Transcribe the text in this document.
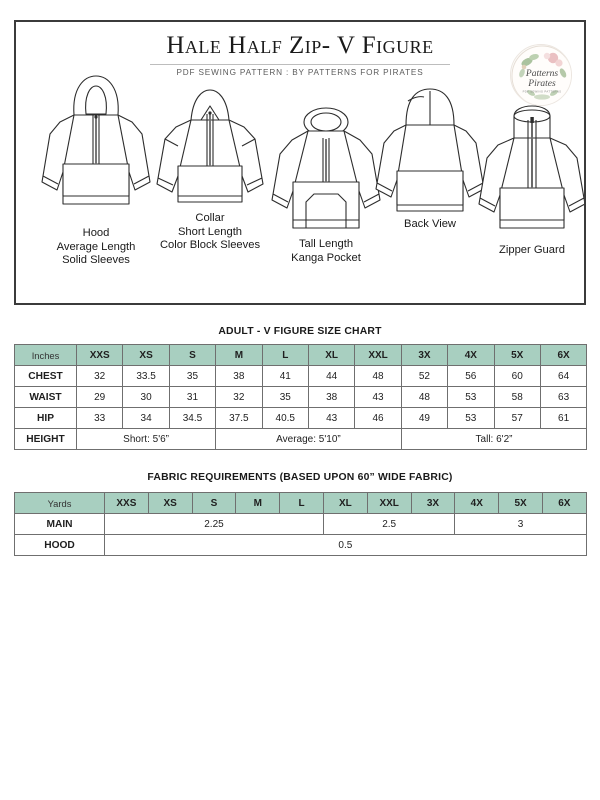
Hale Half Zip- V Figure
PDF SEWING PATTERN : BY PATTERNS FOR PIRATES	Patterns
Pirates
PDF SEWING PATTERNS
Hood
Average Length
Solid Sleeves
Collar
Short Length
Color Block Sleeves	Tall Length
Kanga Pocket
Back View
Zipper Guard
ADULT - V FIGURE SIZE CHART
Inches	XXS	XS	S	M	L	XL	XXL	3X	4X	5X	6X
CHEST	32	33.5	35	38	41	44	48	52	56	60	64
WAIST	29	30	31	32	35	38	43	48	53	58	63
HIP	33	34	34.5	37.5	40.5	43	46	49	53	57	61
HEIGHT	Short: 5'6”			Average: 5'10”				Tall: 6'2”			
FABRIC REQUIREMENTS (BASED UPON 60” WIDE FABRIC)
Yards	XXS	XS	S	M	L	XL	XXL	3X	4X	5X	6X
MAIN	2.25					2.5			3		
HOOD	0.5										
